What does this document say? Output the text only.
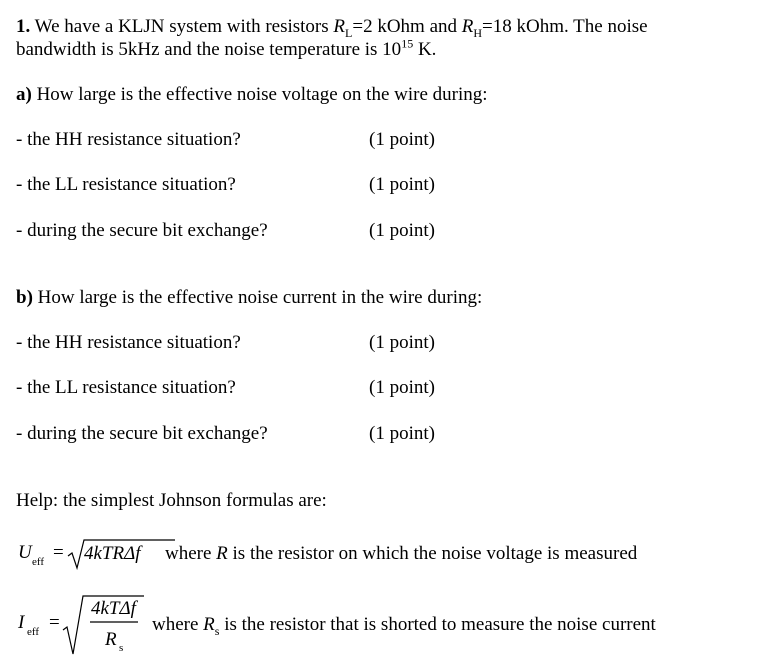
1. We have a KLJN system with resistors $R_L=2$ kOhm and $R_H=18$ kOhm. The noise
bandwidth is 5kHz and the noise temperature is $10^{15}$ K.
a) How large is the effective noise voltage on the wire during:
- the HH resistance situation?	(1 point)
- the LL resistance situation?	(1 point)
- during the secure bit exchange?	(1 point)
b) How large is the effective noise current in the wire during:
- the HH resistance situation?	(1 point)
- the LL resistance situation?	(1 point)
- during the secure bit exchange?	(1 point)
Help: the simplest Johnson formulas are:
U eff = 4kTRΔf where R is the resistor on which the noise voltage is measured
I eff =
4kTΔf
R s
where $R_s$ is the resistor that is shorted to measure the noise current
